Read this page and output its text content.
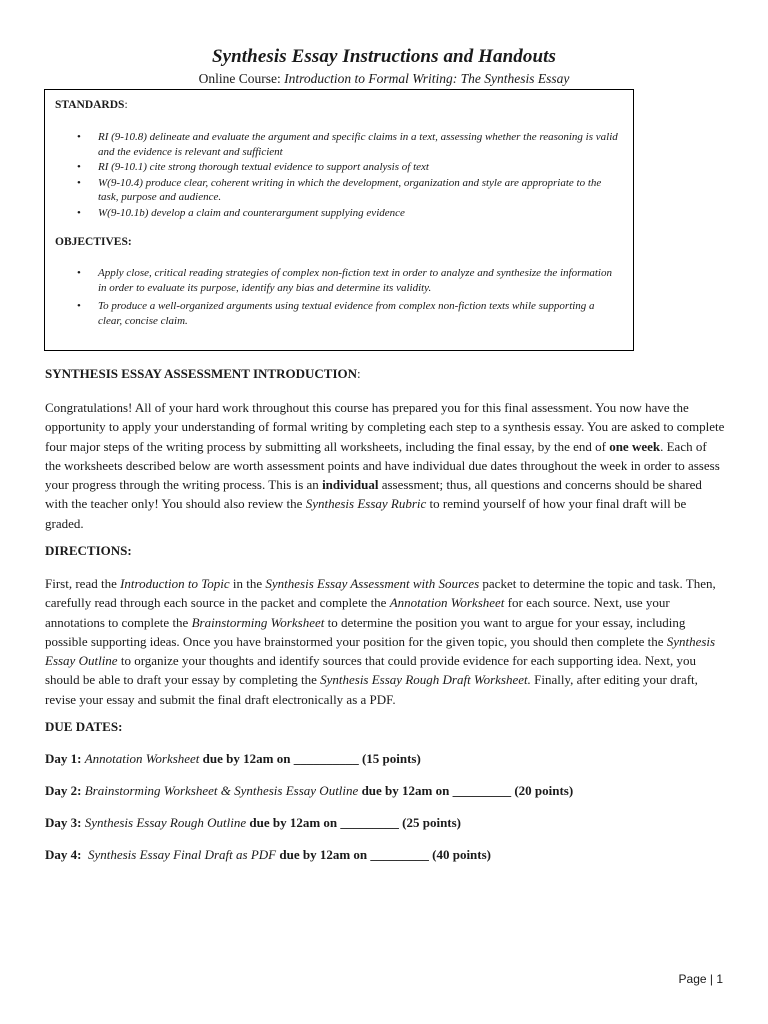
Synthesis Essay Instructions and Handouts
Online Course: Introduction to Formal Writing: The Synthesis Essay
STANDARDS:
• RI (9-10.8) delineate and evaluate the argument and specific claims in a text, assessing whether the reasoning is valid and the evidence is relevant and sufficient
• RI (9-10.1) cite strong thorough textual evidence to support analysis of text
• W(9-10.4) produce clear, coherent writing in which the development, organization and style are appropriate to the task, purpose and audience.
• W(9-10.1b) develop a claim and counterargument supplying evidence
OBJECTIVES:
• Apply close, critical reading strategies of complex non-fiction text in order to analyze and synthesize the information in order to evaluate its purpose, identify any bias and determine its validity.
• To produce a well-organized arguments using textual evidence from complex non-fiction texts while supporting a clear, concise claim.
SYNTHESIS ESSAY ASSESSMENT INTRODUCTION:
Congratulations! All of your hard work throughout this course has prepared you for this final assessment. You now have the opportunity to apply your understanding of formal writing by completing each step to a synthesis essay. You are asked to complete four major steps of the writing process by submitting all worksheets, including the final essay, by the end of one week. Each of the worksheets described below are worth assessment points and have individual due dates throughout the week in order to assess your progress through the writing process. This is an individual assessment; thus, all questions and concerns should be shared with the teacher only! You should also review the Synthesis Essay Rubric to remind yourself of how your final draft will be graded.
DIRECTIONS:
First, read the Introduction to Topic in the Synthesis Essay Assessment with Sources packet to determine the topic and task. Then, carefully read through each source in the packet and complete the Annotation Worksheet for each source. Next, use your annotations to complete the Brainstorming Worksheet to determine the position you want to argue for your essay, including possible supporting ideas. Once you have brainstormed your position for the given topic, you should then complete the Synthesis Essay Outline to organize your thoughts and identify sources that could provide evidence for each supporting idea. Next, you should be able to draft your essay by completing the Synthesis Essay Rough Draft Worksheet. Finally, after editing your draft, revise your essay and submit the final draft electronically as a PDF.
DUE DATES:
Day 1: Annotation Worksheet due by 12am on __________ (15 points)
Day 2: Brainstorming Worksheet & Synthesis Essay Outline due by 12am on _________ (20 points)
Day 3: Synthesis Essay Rough Outline due by 12am on _________ (25 points)
Day 4: Synthesis Essay Final Draft as PDF due by 12am on _________ (40 points)
Page | 1
